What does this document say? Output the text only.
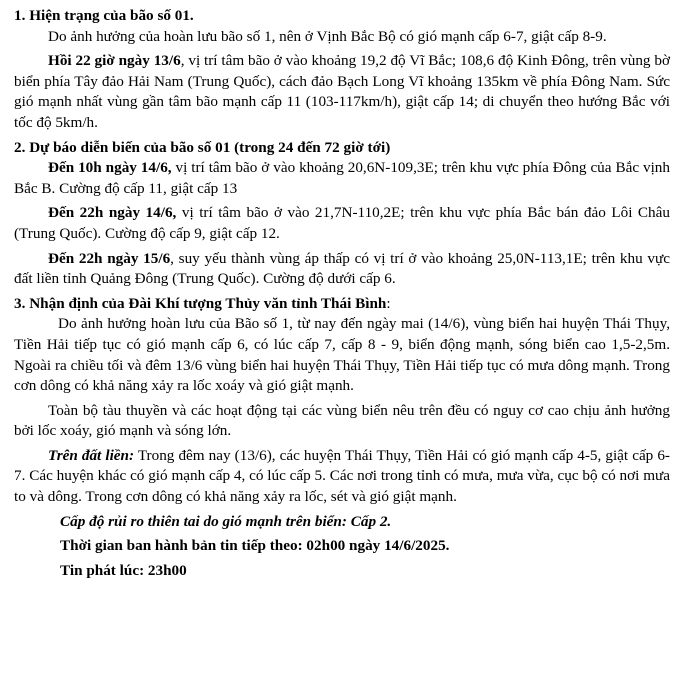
1. Hiện trạng của bão số 01.

Do ảnh hưởng của hoàn lưu bão số 1, nên ở Vịnh Bắc Bộ có gió mạnh cấp 6-7, giật cấp 8-9.

Hồi 22 giờ ngày 13/6, vị trí tâm bão ở vào khoảng 19,2 độ Vĩ Bắc; 108,6 độ Kinh Đông, trên vùng bờ biển phía Tây đảo Hải Nam (Trung Quốc), cách đảo Bạch Long Vĩ khoảng 135km về phía Đông Nam. Sức gió mạnh nhất vùng gần tâm bão mạnh cấp 11 (103-117km/h), giật cấp 14; di chuyển theo hướng Bắc với tốc độ 5km/h.

2. Dự báo diễn biến của bão số 01 (trong 24 đến 72 giờ tới)

Đến 10h ngày 14/6, vị trí tâm bão ở vào khoảng 20,6N-109,3E; trên khu vực phía Đông của Bắc vịnh Bắc B. Cường độ cấp 11, giật cấp 13

Đến 22h ngày 14/6, vị trí tâm bão ở vào 21,7N-110,2E; trên khu vực phía Bắc bán đảo Lôi Châu (Trung Quốc). Cường độ cấp 9, giật cấp 12.

Đến 22h ngày 15/6, suy yếu thành vùng áp thấp có vị trí ở vào khoảng 25,0N-113,1E; trên khu vực đất liền tỉnh Quảng Đông (Trung Quốc). Cường độ dưới cấp 6.

3. Nhận định của Đài Khí tượng Thủy văn tỉnh Thái Bình:

Do ảnh hưởng hoàn lưu của Bão số 1, từ nay đến ngày mai (14/6), vùng biển hai huyện Thái Thụy, Tiền Hải tiếp tục có gió mạnh cấp 6, có lúc cấp 7, cấp 8 - 9, biển động mạnh, sóng biển cao 1,5-2,5m. Ngoài ra chiều tối và đêm 13/6 vùng biển hai huyện Thái Thụy, Tiền Hải tiếp tục có mưa dông mạnh. Trong cơn dông có khả năng xảy ra lốc xoáy và gió giật mạnh.

Toàn bộ tàu thuyền và các hoạt động tại các vùng biển nêu trên đều có nguy cơ cao chịu ảnh hưởng bởi lốc xoáy, gió mạnh và sóng lớn.

Trên đất liền: Trong đêm nay (13/6), các huyện Thái Thụy, Tiền Hải có gió mạnh cấp 4-5, giật cấp 6-7. Các huyện khác có gió mạnh cấp 4, có lúc cấp 5. Các nơi trong tỉnh có mưa, mưa vừa, cục bộ có nơi mưa to và dông. Trong cơn dông có khả năng xảy ra lốc, sét và gió giật mạnh.

Cấp độ rủi ro thiên tai do gió mạnh trên biển: Cấp 2.

Thời gian ban hành bản tin tiếp theo: 02h00 ngày 14/6/2025.

Tin phát lúc: 23h00
